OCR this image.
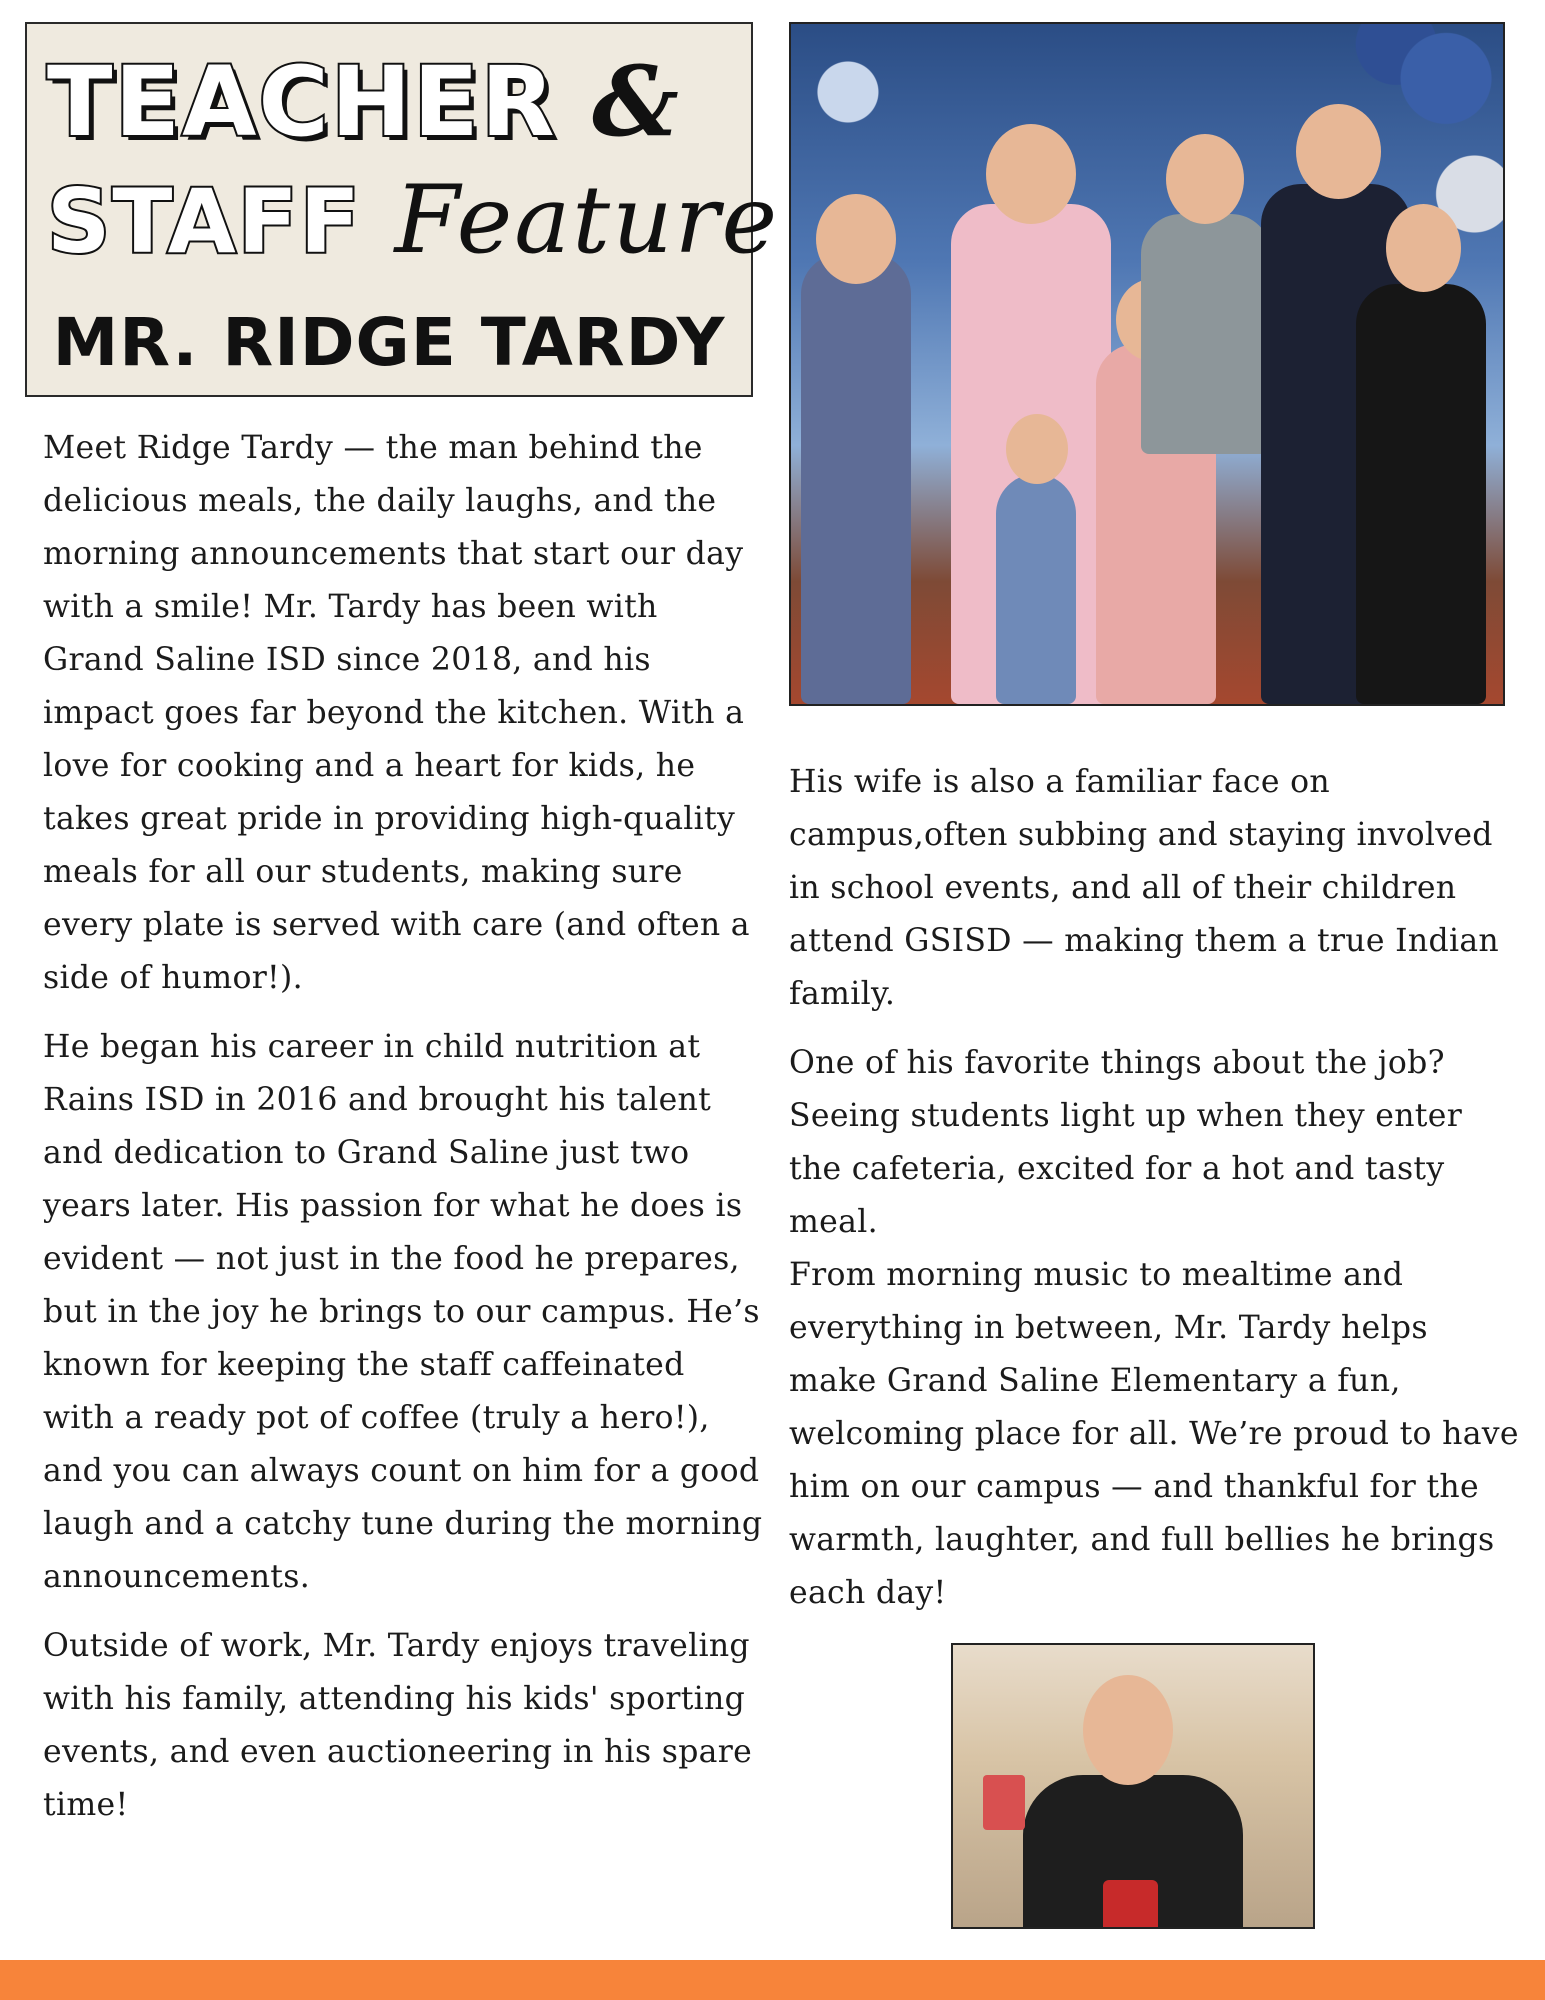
TEACHER &
STAFF Feature
MR. RIDGE TARDY

Meet Ridge Tardy — the man behind the delicious meals, the daily laughs, and the morning announcements that start our day with a smile! Mr. Tardy has been with Grand Saline ISD since 2018, and his impact goes far beyond the kitchen. With a love for cooking and a heart for kids, he takes great pride in providing high-quality meals for all our students, making sure every plate is served with care (and often a side of humor!).

He began his career in child nutrition at Rains ISD in 2016 and brought his talent and dedication to Grand Saline just two years later. His passion for what he does is evident — not just in the food he prepares, but in the joy he brings to our campus. He’s known for keeping the staff caffeinated with a ready pot of coffee (truly a hero!), and you can always count on him for a good laugh and a catchy tune during the morning announcements.

Outside of work, Mr. Tardy enjoys traveling with his family, attending his kids' sporting events, and even auctioneering in his spare time!

His wife is also a familiar face on campus,often subbing and staying involved in school events, and all of their children attend GSISD — making them a true Indian family.

One of his favorite things about the job? Seeing students light up when they enter the cafeteria, excited for a hot and tasty meal.

From morning music to mealtime and everything in between, Mr. Tardy helps make Grand Saline Elementary a fun, welcoming place for all. We’re proud to have him on our campus — and thankful for the warmth, laughter, and full bellies he brings each day!
